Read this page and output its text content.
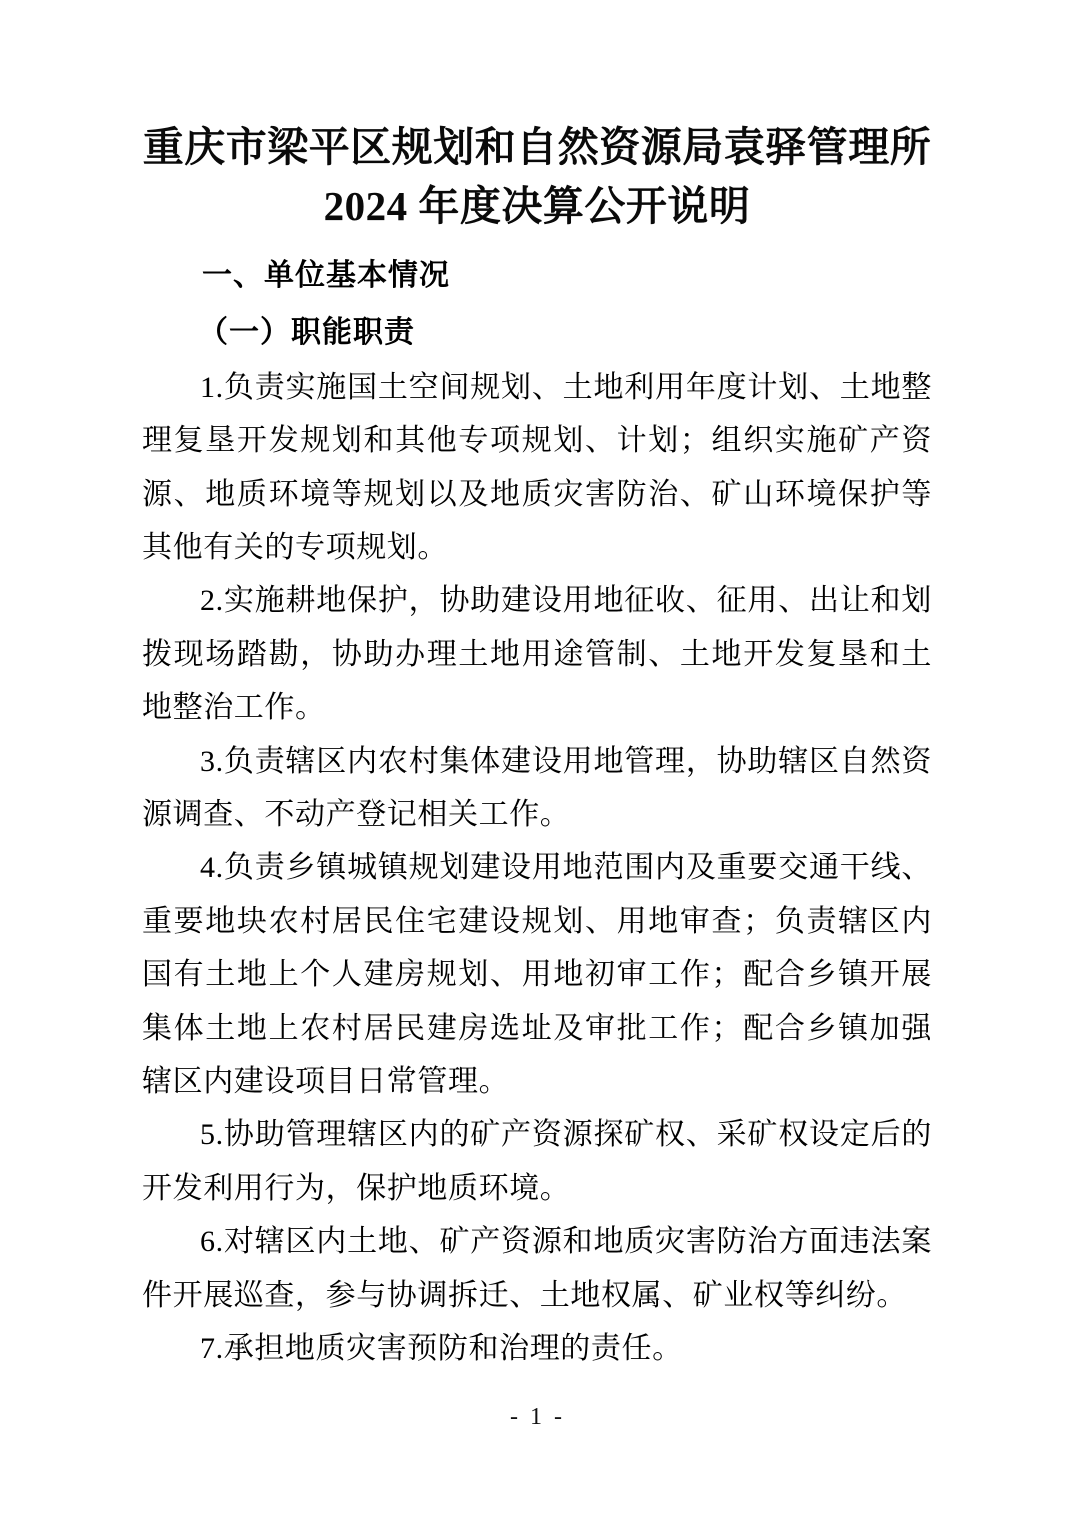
重庆市梁平区规划和自然资源局袁驿管理所
2024 年度决算公开说明
一、单位基本情况
（一）职能职责

1.负责实施国土空间规划、土地利用年度计划、土地整理复垦开发规划和其他专项规划、计划；组织实施矿产资源、地质环境等规划以及地质灾害防治、矿山环境保护等其他有关的专项规划。

2.实施耕地保护，协助建设用地征收、征用、出让和划拨现场踏勘，协助办理土地用途管制、土地开发复垦和土地整治工作。

3.负责辖区内农村集体建设用地管理，协助辖区自然资源调查、不动产登记相关工作。

4.负责乡镇城镇规划建设用地范围内及重要交通干线、重要地块农村居民住宅建设规划、用地审查；负责辖区内国有土地上个人建房规划、用地初审工作；配合乡镇开展集体土地上农村居民建房选址及审批工作；配合乡镇加强辖区内建设项目日常管理。

5.协助管理辖区内的矿产资源探矿权、采矿权设定后的开发利用行为，保护地质环境。

6.对辖区内土地、矿产资源和地质灾害防治方面违法案件开展巡查，参与协调拆迁、土地权属、矿业权等纠纷。

7.承担地质灾害预防和治理的责任。

- 1 -
